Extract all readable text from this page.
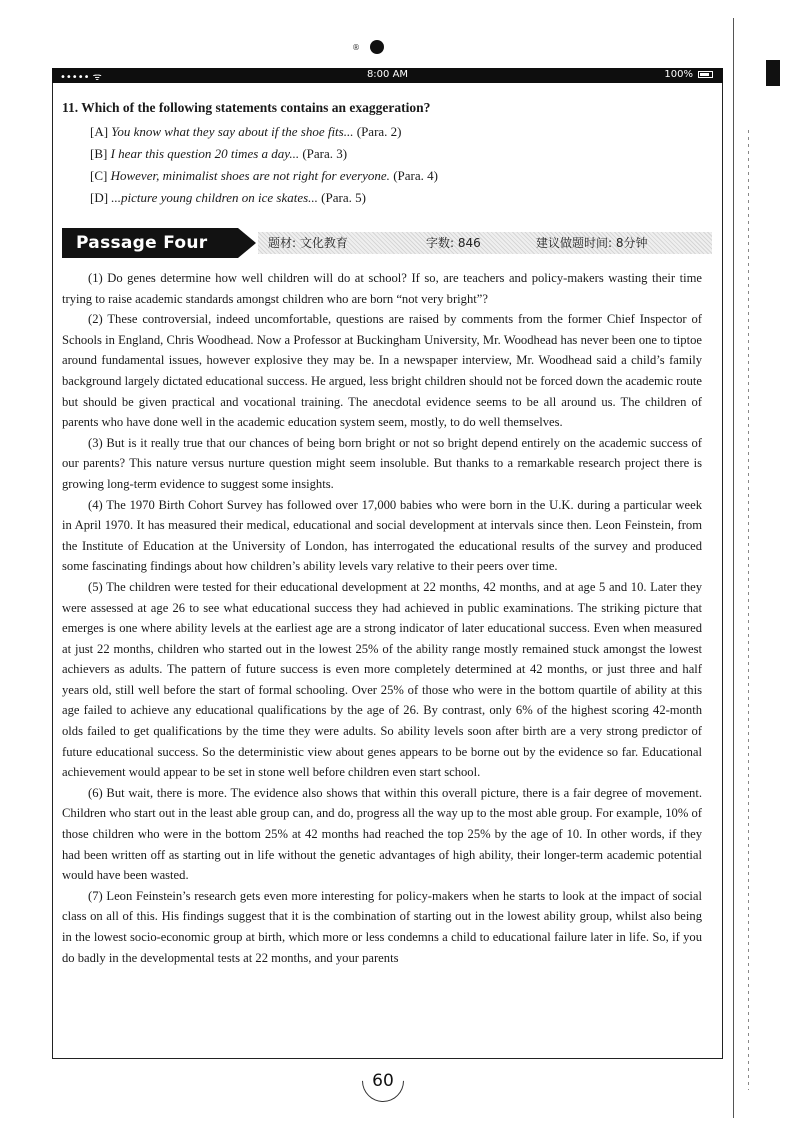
®
••••• ᯤ	8:00 AM	100%

11. Which of the following statements contains an exaggeration?

[A] You know what they say about if the shoe fits... (Para. 2)
[B] I hear this question 20 times a day... (Para. 3)
[C] However, minimalist shoes are not right for everyone. (Para. 4)
[D] ...picture young children on ice skates... (Para. 5)
Passage Four	题材: 文化教育	字数: 846	建议做题时间: 8分钟

(1) Do genes determine how well children will do at school? If so, are teachers and policy-makers wasting their time trying to raise academic standards amongst children who are born “not very bright”?

(2) These controversial, indeed uncomfortable, questions are raised by comments from the former Chief Inspector of Schools in England, Chris Woodhead. Now a Professor at Buckingham University, Mr. Woodhead has never been one to tiptoe around fundamental issues, however explosive they may be. In a newspaper interview, Mr. Woodhead said a child’s family background largely dictated educational success. He argued, less bright children should not be forced down the academic route but should be given practical and vocational training. The anecdotal evidence seems to be all around us. The children of parents who have done well in the academic education system seem, mostly, to do well themselves.

(3) But is it really true that our chances of being born bright or not so bright depend entirely on the academic success of our parents? This nature versus nurture question might seem insoluble. But thanks to a remarkable research project there is growing long-term evidence to suggest some insights.

(4) The 1970 Birth Cohort Survey has followed over 17,000 babies who were born in the U.K. during a particular week in April 1970. It has measured their medical, educational and social development at intervals since then. Leon Feinstein, from the Institute of Education at the University of London, has interrogated the educational results of the survey and produced some fascinating findings about how children’s ability levels vary relative to their peers over time.

(5) The children were tested for their educational development at 22 months, 42 months, and at age 5 and 10. Later they were assessed at age 26 to see what educational success they had achieved in public examinations. The striking picture that emerges is one where ability levels at the earliest age are a strong indicator of later educational success. Even when measured at just 22 months, children who started out in the lowest 25% of the ability range mostly remained stuck amongst the lowest achievers as adults. The pattern of future success is even more completely determined at 42 months, or just three and half years old, still well before the start of formal schooling. Over 25% of those who were in the bottom quartile of ability at this age failed to achieve any educational qualifications by the age of 26. By contrast, only 6% of the highest scoring 42-month olds failed to get qualifications by the time they were adults. So ability levels soon after birth are a very strong predictor of future educational success. So the deterministic view about genes appears to be borne out by the evidence so far. Educational achievement would appear to be set in stone well before children even start school.

(6) But wait, there is more. The evidence also shows that within this overall picture, there is a fair degree of movement. Children who start out in the least able group can, and do, progress all the way up to the most able group. For example, 10% of those children who were in the bottom 25% at 42 months had reached the top 25% by the age of 10. In other words, if they had been written off as starting out in life without the genetic advantages of high ability, their longer-term academic potential would have been wasted.

(7) Leon Feinstein’s research gets even more interesting for policy-makers when he starts to look at the impact of social class on all of this. His findings suggest that it is the combination of starting out in the lowest ability group, whilst also being in the lowest socio-economic group at birth, which more or less condemns a child to educational failure later in life. So, if you do badly in the developmental tests at 22 months, and your parents

60
